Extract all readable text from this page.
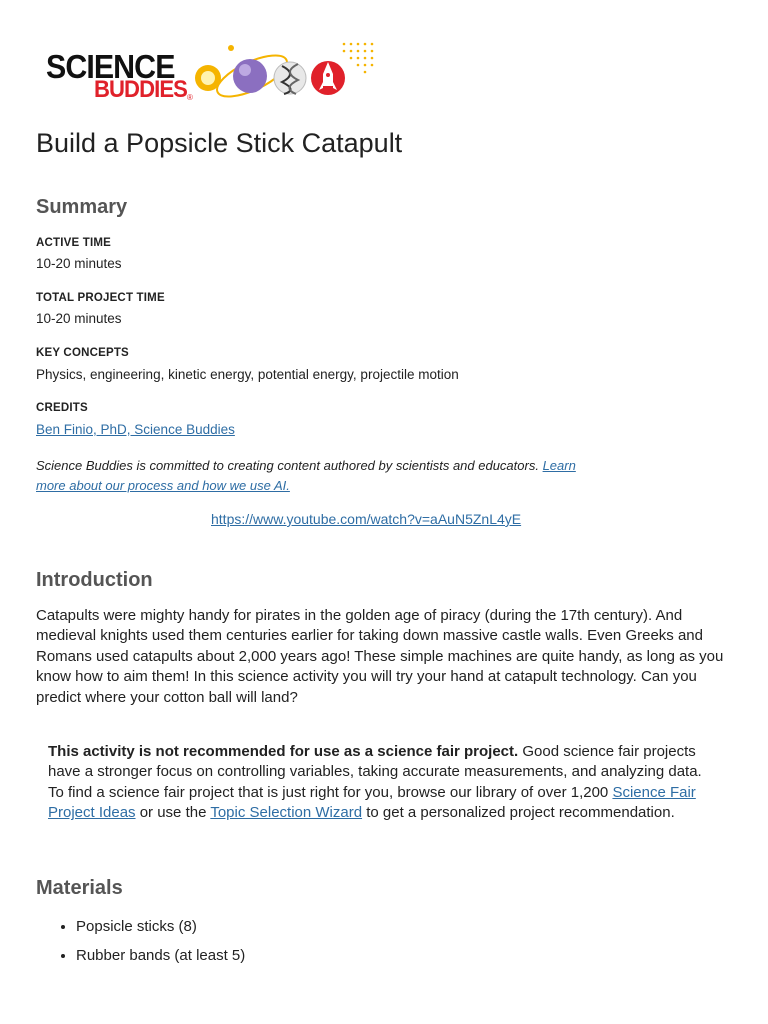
SCIENCE
BUDDIES ®
Build a Popsicle Stick Catapult
Summary
ACTIVE TIME
10-20 minutes
TOTAL PROJECT TIME
10-20 minutes
KEY CONCEPTS
Physics, engineering, kinetic energy, potential energy, projectile motion
CREDITS
Ben Finio, PhD, Science Buddies
Science Buddies is committed to creating content authored by scientists and educators. Learn more about our process and how we use AI.
https://www.youtube.com/watch?v=aAuN5ZnL4yE
Introduction
Catapults were mighty handy for pirates in the golden age of piracy (during the 17th century). And medieval knights used them centuries earlier for taking down massive castle walls. Even Greeks and Romans used catapults about 2,000 years ago! These simple machines are quite handy, as long as you know how to aim them! In this science activity you will try your hand at catapult technology. Can you predict where your cotton ball will land?
This activity is not recommended for use as a science fair project. Good science fair projects have a stronger focus on controlling variables, taking accurate measurements, and analyzing data. To find a science fair project that is just right for you, browse our library of over 1,200 Science Fair Project Ideas or use the Topic Selection Wizard to get a personalized project recommendation.
Materials
• Popsicle sticks (8)
• Rubber bands (at least 5)
